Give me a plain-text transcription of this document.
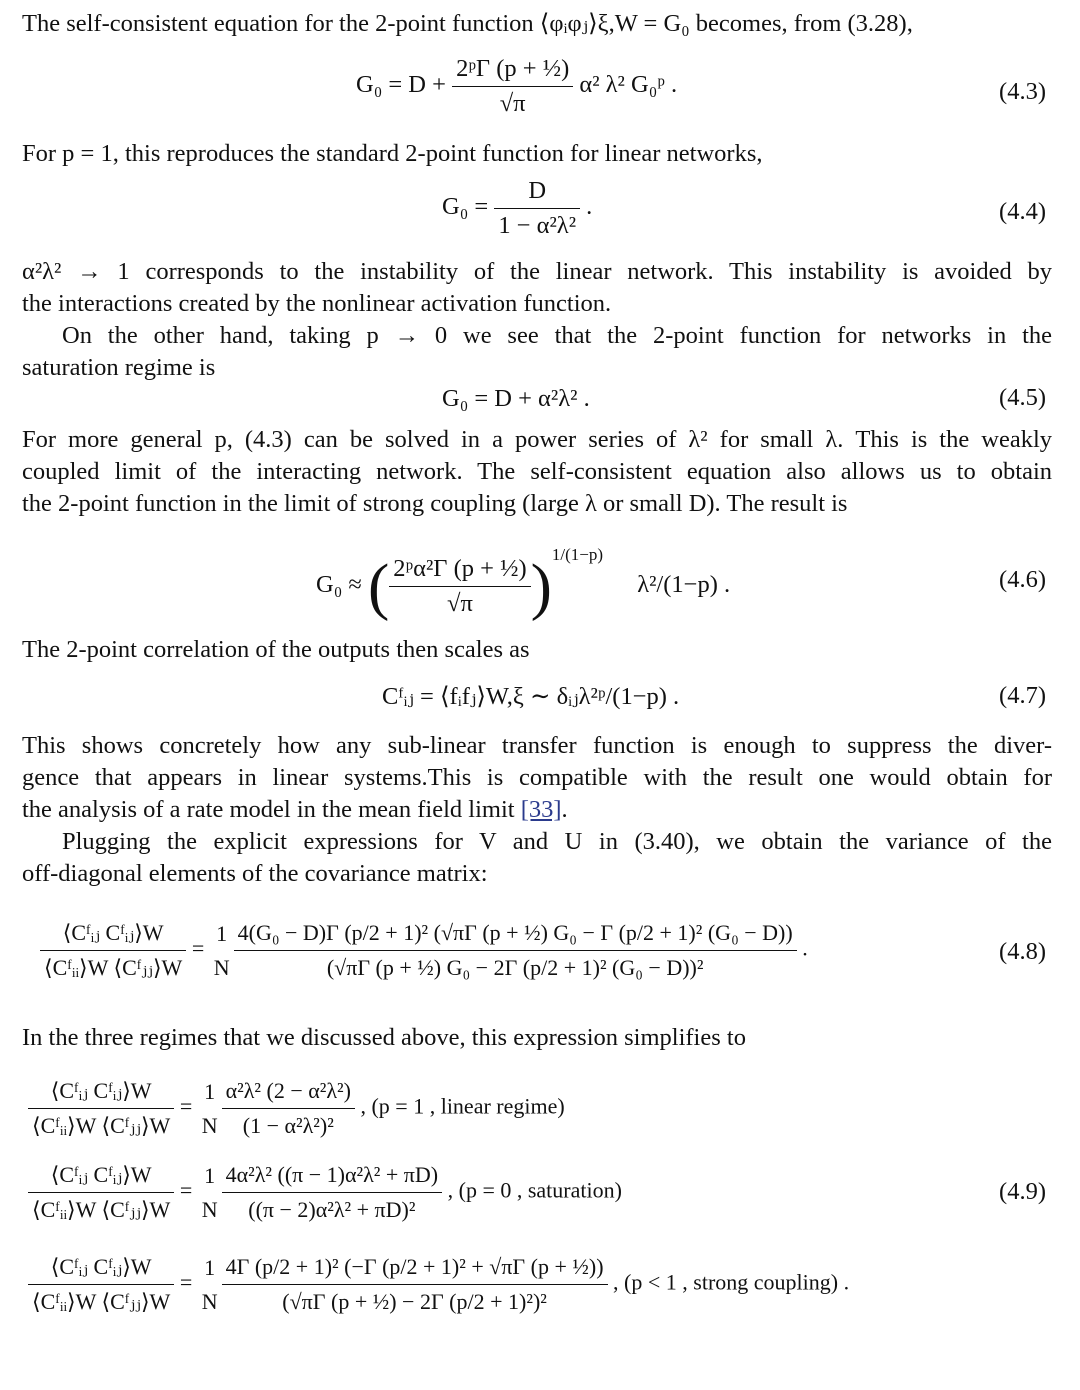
The self-consistent equation for the 2-point function ⟨φᵢφⱼ⟩ξ,W = G₀ becomes, from (3.28),
$G_0 = D + \frac{\text{2ᵖΓ (p + ½)}}{√\pi} \alpha^2$ λ² G₀ᵖ .	(4.3)
For p = 1, this reproduces the standard 2-point function for linear networks,
$G_0 = \frac{D}{\text{1 − α²λ²}}$ .	(4.4)
α²λ² → 1 corresponds to the instability of the linear network. This instability is avoided by
the interactions created by the nonlinear activation function.
On the other hand, taking p → 0 we see that the 2-point function for networks in the
saturation regime is
G₀ = D + α²λ² .	(4.5)
For more general p, (4.3) can be solved in a power series of λ² for small λ. This is the weakly
coupled limit of the interacting network. The self-consistent equation also allows us to obtain
the 2-point function in the limit of strong coupling (large λ or small D). The result is
G₀ ≈ ( $\frac{\text{2ᵖα²Γ (p + ½)}}{√\pi} )^{1/(1-p)}$ λ²/(1−p) .	(4.6)
The 2-point correlation of the outputs then scales as
Cᶠᵢⱼ = ⟨fᵢfⱼ⟩W,ξ ∼ δᵢⱼλ²ᵖ/(1−p) .	(4.7)
This shows concretely how any sub-linear transfer function is enough to suppress the diver-
gence that appears in linear systems.This is compatible with the result one would obtain for
the analysis of a rate model in the mean field limit [33].
Plugging the explicit expressions for V and U in (3.40), we obtain the variance of the
off-diagonal elements of the covariance matrix:
$\frac{\text{⟨Cᶠᵢⱼ Cᶠᵢⱼ⟩W}}{\text{⟨Cᶠᵢᵢ⟩W ⟨Cᶠⱼⱼ⟩W}}$ =
1
N
4(G₀ − D)Γ (p/2 + 1)² (√πΓ (p + ½) G₀ − Γ (p/2 + 1)² (G₀ − D))
(√πΓ (p + ½) G₀ − 2Γ (p/2 + 1)² (G₀ − D))²
.	(4.8)
In the three regimes that we discussed above, this expression simplifies to
$\frac{\text{⟨Cᶠᵢⱼ Cᶠᵢⱼ⟩W}}{\text{⟨Cᶠᵢᵢ⟩W ⟨Cᶠⱼⱼ⟩W}}$ =
1
N $\frac{\text{α²λ² (2 − α²λ²)}}{\text{(1 − α²λ²)²}}$ , (p = 1 , linear regime)
$\frac{\text{⟨Cᶠᵢⱼ Cᶠᵢⱼ⟩W}}{\text{⟨Cᶠᵢᵢ⟩W ⟨Cᶠⱼⱼ⟩W}}$ =
1
N $\frac{\text{4α²λ² ((π − 1)α²λ² + πD)}}{\text{((π − 2)α²λ² + πD)²}}$ , (p = 0 , saturation)	(4.9)
$\frac{\text{⟨Cᶠᵢⱼ Cᶠᵢⱼ⟩W}}{\text{⟨Cᶠᵢᵢ⟩W ⟨Cᶠⱼⱼ⟩W}}$ =
1
N $\frac{\text{4Γ (p/2 + 1)² (−Γ (p/2 + 1)² + √πΓ (p + ½))}}{\text{(√πΓ (p + ½) − 2Γ (p/2 + 1)²)²}}$ , (p < 1 , strong coupling) .
